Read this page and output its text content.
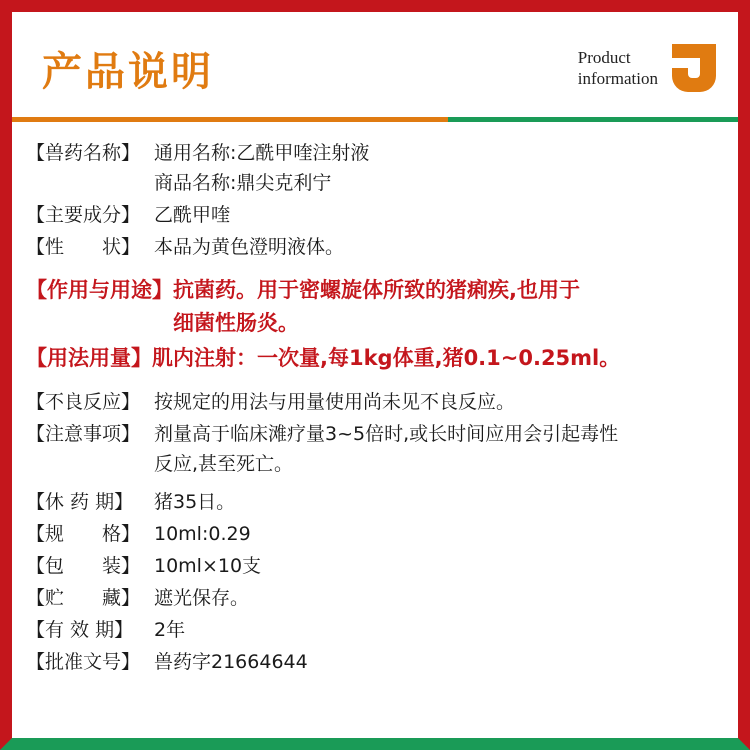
产品说明	Product
information
【兽药名称】 通用名称:乙酰甲喹注射液
商品名称:鼎尖克利宁
【主要成分】 乙酰甲喹
【性　　状】 本品为黄色澄明液体。
【作用与用途】 抗菌药。用于密螺旋体所致的猪痢疾,也用于
细菌性肠炎。
【用法用量】 肌内注射：一次量,每1kg体重,猪0.1~0.25ml。
【不良反应】 按规定的用法与用量使用尚未见不良反应。
【注意事项】 剂量高于临床滩疗量3~5倍时,或长时间应用会引起毒性
反应,甚至死亡。
【休 药 期】	猪35日。
【规　　格】 10ml:0.29
【包　　装】 10ml×10支
【贮　　藏】 遮光保存。
【有 效 期】	2年
【批准文号】 兽药字21664644
